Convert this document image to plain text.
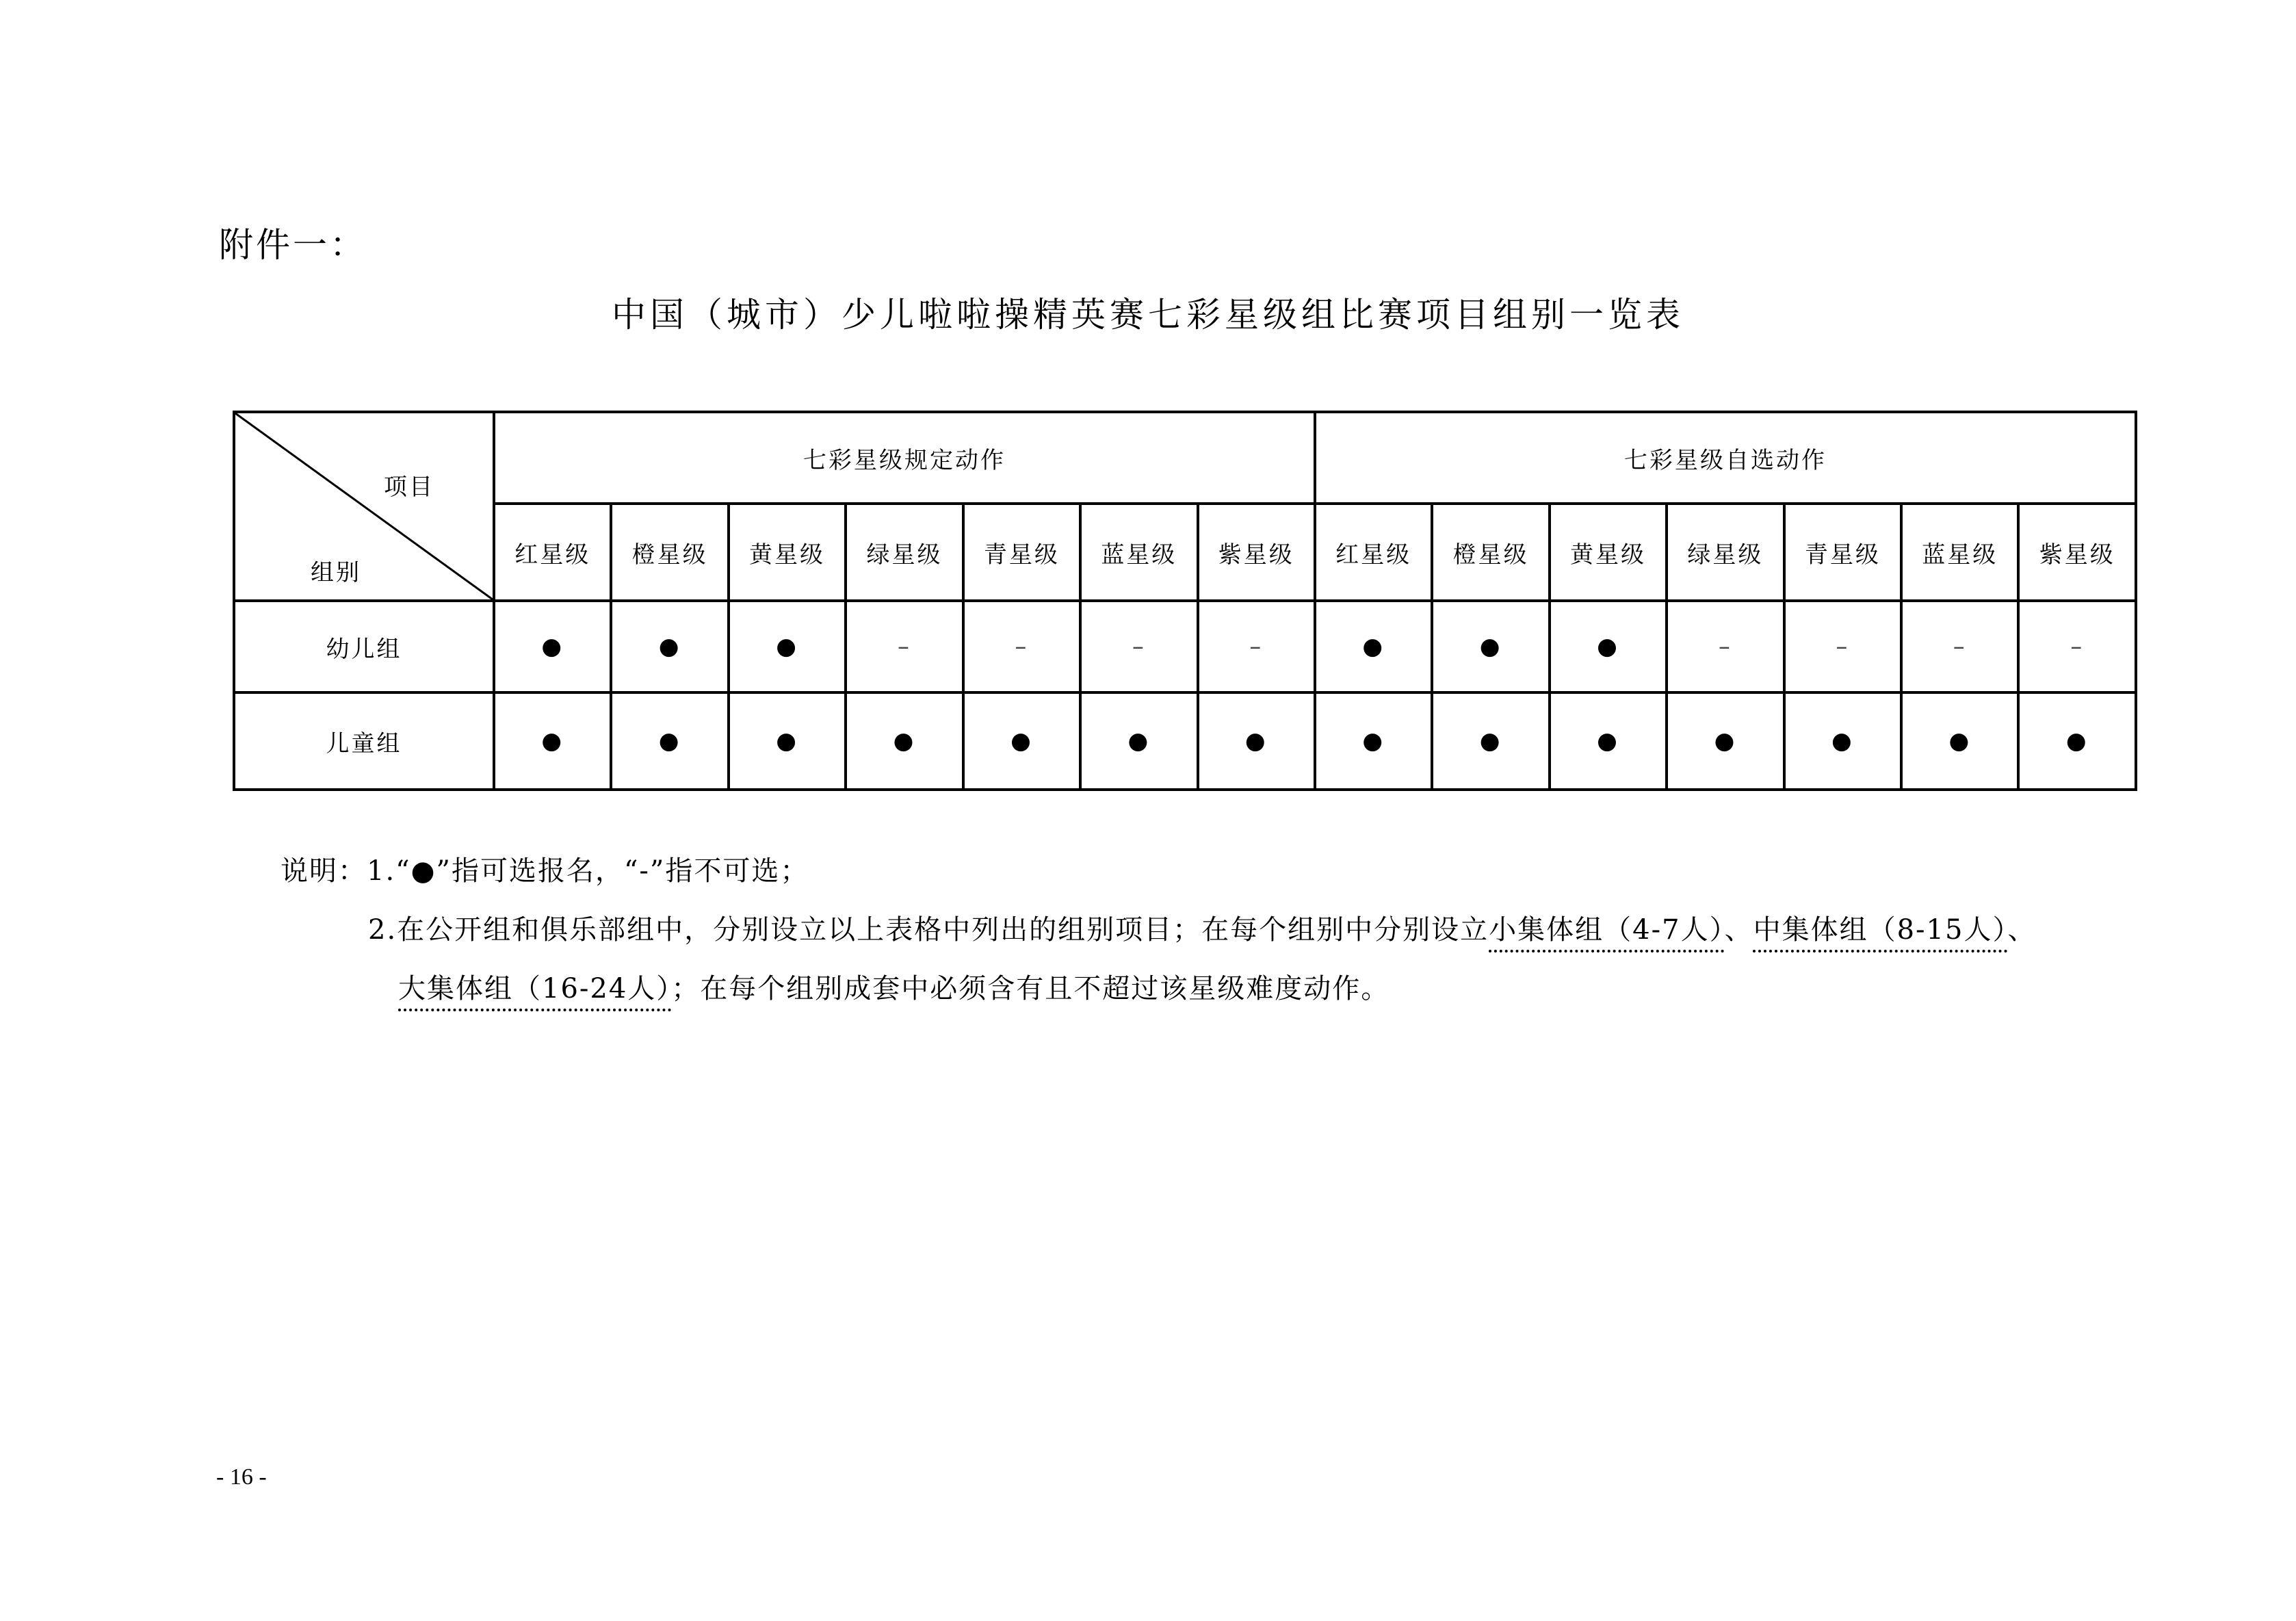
附件一：
中国（城市）少儿啦啦操精英赛七彩星级组比赛项目组别一览表
项目
组别	七彩星级规定动作							七彩星级自选动作						
	红星级	橙星级	黄星级	绿星级	青星级	蓝星级	紫星级	红星级	橙星级	黄星级	绿星级	青星级	蓝星级	紫星级
幼儿组	●	●	●	–	–	–	–	●	●	●	–	–	–	–
儿童组	●	●	●	●	●	●	●	●	●	●	●	●	●	●
说明：1.“●”指可选报名，“-”指不可选；
2.在公开组和俱乐部组中，分别设立以上表格中列出的组别项目；在每个组别中分别设立小集体组（4-7人）、中集体组（8-15人）、
大集体组（16-24人）；在每个组别成套中必须含有且不超过该星级难度动作。
- 16 -
